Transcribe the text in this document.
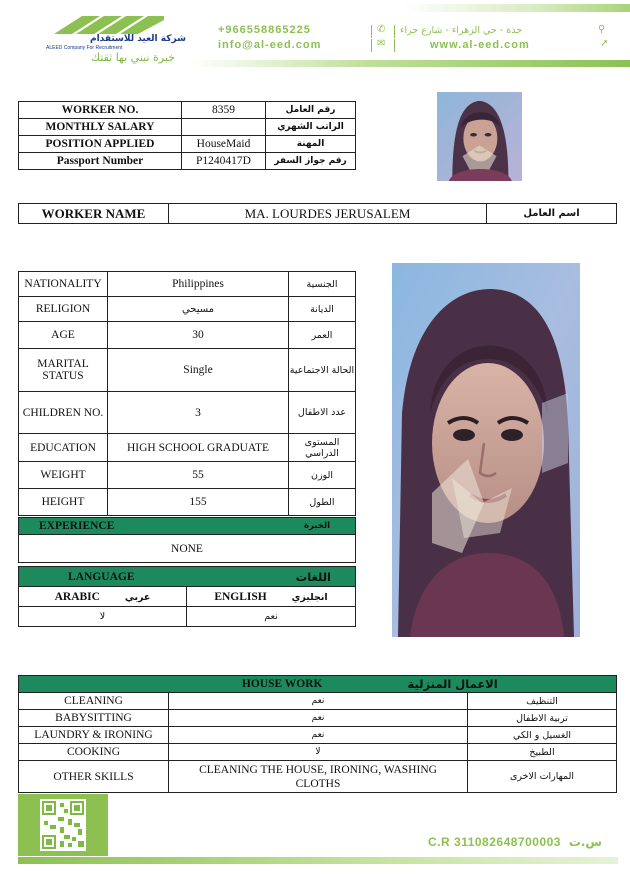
شركة العيد للاستقدام
ALEED Company For Recruitment
خبرة نبني بها ثقتك
+966558865225	✆ جدة - حي الزهراء - شارع حراء	⚲
info@al-eed.com	✉	www.al-eed.com	➚
WORKER NO.	8359	رقم العامل
MONTHLY SALARY		الراتب الشهري
POSITION APPLIED	HouseMaid	المهنة
Passport Number	P1240417D	رقم جواز السفر
WORKER NAME	MA. LOURDES JERUSALEM	اسم العامل
NATIONALITY	Philippines	الجنسية
RELIGION	مسيحي	الديانة
AGE	30	العمر
MARITAL STATUS	Single	الحالة الاجتماعية
CHILDREN NO.	3	عدد الاطفال
EDUCATION	HIGH SCHOOL GRADUATE	المستوى الدراسي
WEIGHT	55	الوزن
HEIGHT	155	الطول
EXPERIENCE	الخبرة
NONE
LANGUAGE	اللغات
ARABIC عربي	ENGLISH انجليزي
لا	نعم
HOUSE WORK		الاعمال المنزلية
CLEANING	نعم	التنظيف
BABYSITTING	نعم	تربية الاطفال
LAUNDRY & IRONING	نعم	الغسيل و الكي
COOKING	لا	الطبيخ
OTHER SKILLS	CLEANING THE HOUSE, IRONING, WASHING CLOTHS	المهارات الاخرى
C.R 311082648700003 س.ت
